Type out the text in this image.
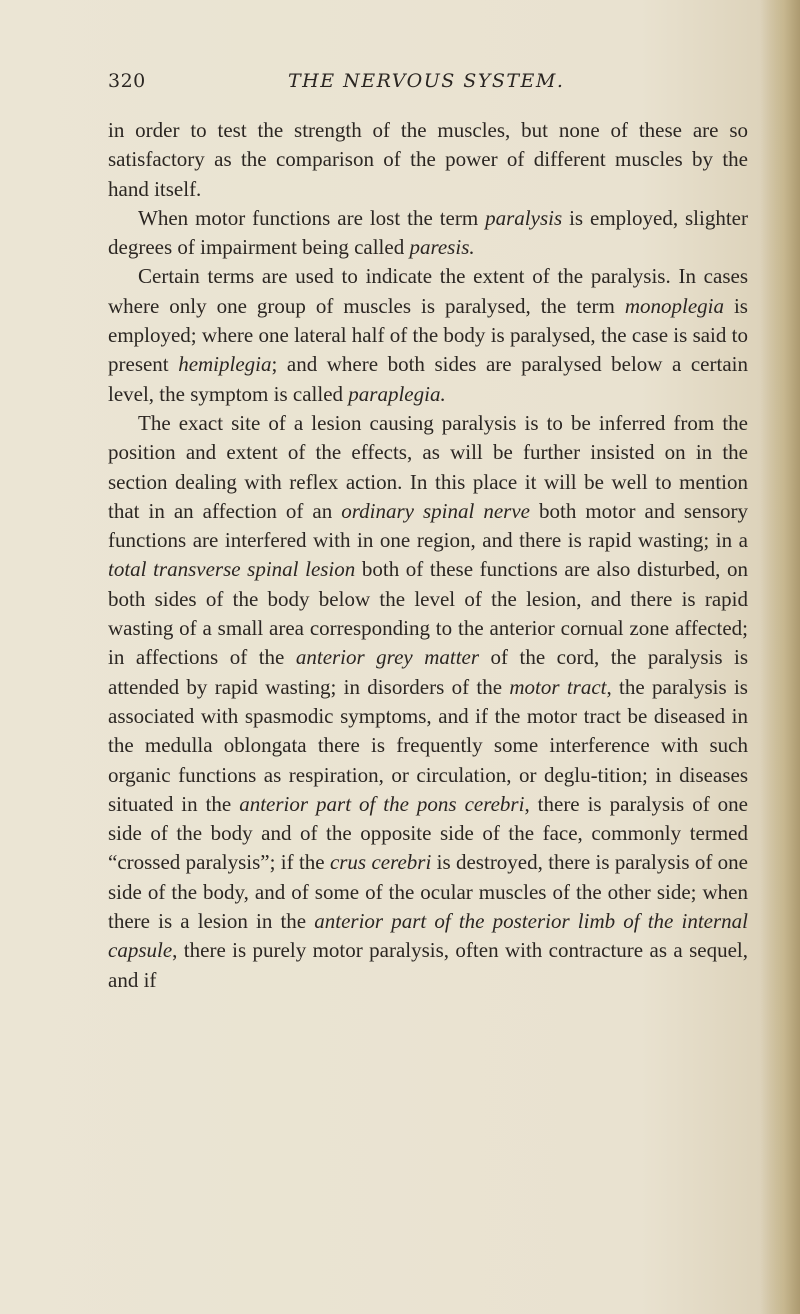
320	THE NERVOUS SYSTEM.

in order to test the strength of the muscles, but none of these are so satisfactory as the comparison of the power of different muscles by the hand itself.

When motor functions are lost the term paralysis is employed, slighter degrees of impairment being called paresis.

Certain terms are used to indicate the extent of the paralysis. In cases where only one group of muscles is paralysed, the term monoplegia is employed; where one lateral half of the body is paralysed, the case is said to present hemiplegia; and where both sides are paralysed below a certain level, the symptom is called paraplegia.

The exact site of a lesion causing paralysis is to be inferred from the position and extent of the effects, as will be further insisted on in the section dealing with reflex action. In this place it will be well to mention that in an affection of an ordinary spinal nerve both motor and sensory functions are interfered with in one region, and there is rapid wasting; in a total transverse spinal lesion both of these functions are also disturbed, on both sides of the body below the level of the lesion, and there is rapid wasting of a small area corresponding to the anterior cornual zone affected; in affections of the anterior grey matter of the cord, the paralysis is attended by rapid wasting; in disorders of the motor tract, the paralysis is associated with spasmodic symptoms, and if the motor tract be diseased in the medulla oblongata there is frequently some interference with such organic functions as respiration, or circulation, or deglu-tition; in diseases situated in the anterior part of the pons cerebri, there is paralysis of one side of the body and of the opposite side of the face, commonly termed “crossed paralysis”; if the crus cerebri is destroyed, there is paralysis of one side of the body, and of some of the ocular muscles of the other side; when there is a lesion in the anterior part of the posterior limb of the internal capsule, there is purely motor paralysis, often with contracture as a sequel, and if
